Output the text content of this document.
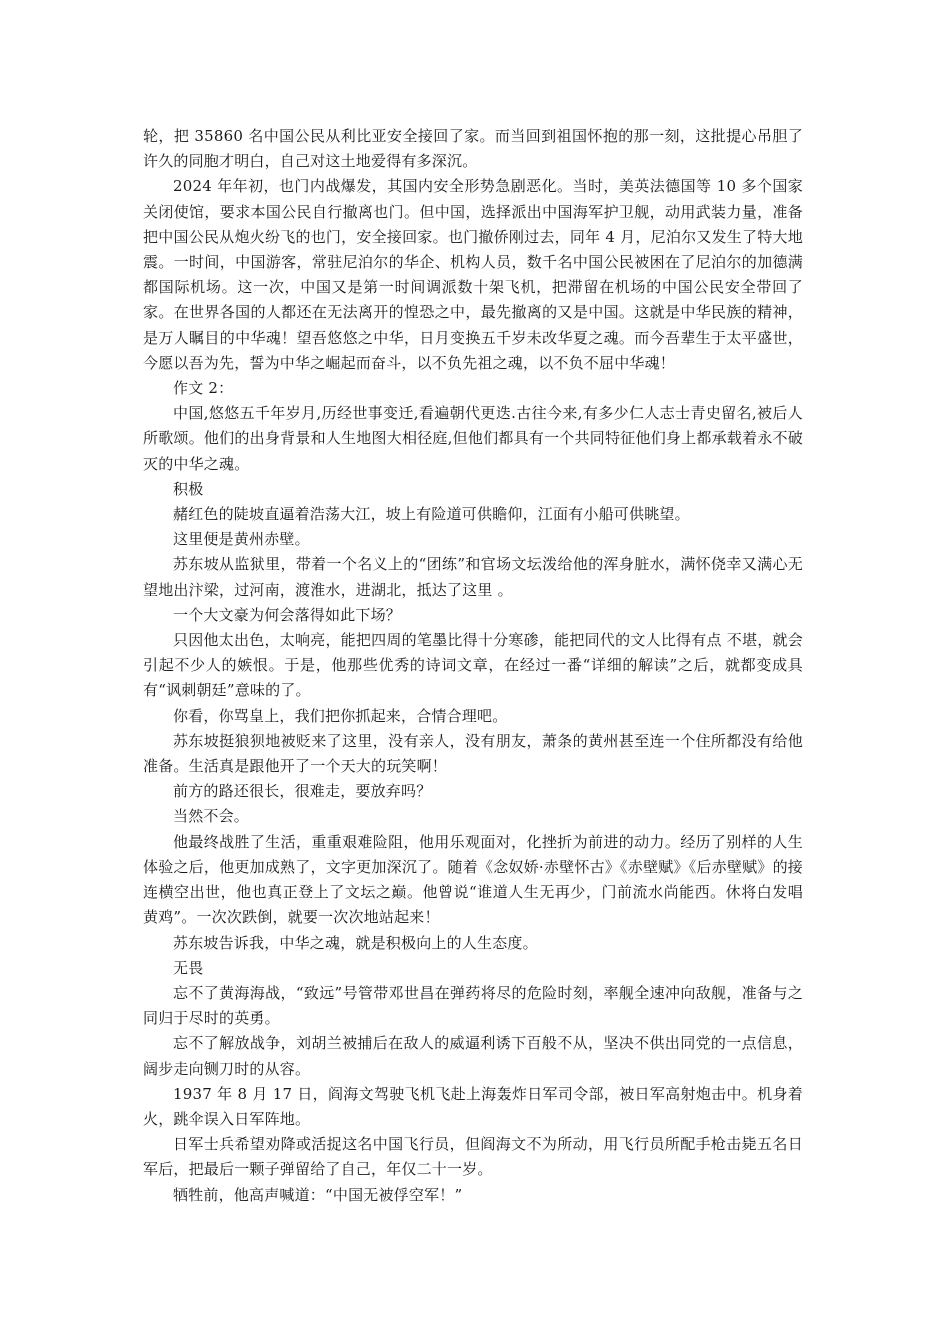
轮，把 35860 名中国公民从利比亚安全接回了家。而当回到祖国怀抱的那一刻，这批提心吊胆了许久的同胞才明白，自己对这土地爱得有多深沉。

2024 年年初，也门内战爆发，其国内安全形势急剧恶化。当时，美英法德国等 10 多个国家关闭使馆，要求本国公民自行撤离也门。但中国，选择派出中国海军护卫舰，动用武装力量，准备把中国公民从炮火纷飞的也门，安全接回家。也门撤侨刚过去，同年 4 月，尼泊尔又发生了特大地震。一时间，中国游客，常驻尼泊尔的华企、机构人员，数千名中国公民被困在了尼泊尔的加德满都国际机场。这一次，中国又是第一时间调派数十架飞机，把滞留在机场的中国公民安全带回了家。在世界各国的人都还在无法离开的惶恐之中，最先撤离的又是中国。这就是中华民族的精神，是万人瞩目的中华魂！望吾悠悠之中华，日月变换五千岁未改华夏之魂。而今吾辈生于太平盛世，今愿以吾为先，誓为中华之崛起而奋斗，以不负先祖之魂，以不负不屈中华魂！

作文 2：

中国,悠悠五千年岁月,历经世事变迁,看遍朝代更迭.古往今来,有多少仁人志士青史留名,被后人所歌颂。他们的出身背景和人生地图大相径庭,但他们都具有一个共同特征他们身上都承载着永不破灭的中华之魂。

积极

赭红色的陡坡直逼着浩荡大江，坡上有险道可供瞻仰，江面有小船可供眺望。

这里便是黄州赤壁。

苏东坡从监狱里，带着一个名义上的“团练”和官场文坛泼给他的浑身脏水，满怀侥幸又满心无望地出汴梁，过河南，渡淮水，进湖北，抵达了这里 。

一个大文豪为何会落得如此下场？

只因他太出色，太响亮，能把四周的笔墨比得十分寒碜，能把同代的文人比得有点 不堪，就会引起不少人的嫉恨。于是，他那些优秀的诗词文章，在经过一番“详细的解读”之后，就都变成具有“讽刺朝廷”意味的了。

你看，你骂皇上，我们把你抓起来，合情合理吧。

苏东坡挺狼狈地被贬来了这里，没有亲人，没有朋友，萧条的黄州甚至连一个住所都没有给他准备。生活真是跟他开了一个天大的玩笑啊！

前方的路还很长，很难走，要放弃吗？

当然不会。

他最终战胜了生活，重重艰难险阻，他用乐观面对，化挫折为前进的动力。经历了别样的人生体验之后，他更加成熟了，文字更加深沉了。随着《念奴娇·赤壁怀古》《赤壁赋》《后赤壁赋》的接连横空出世，他也真正登上了文坛之巅。他曾说“谁道人生无再少，门前流水尚能西。休将白发唱黄鸡”。一次次跌倒，就要一次次地站起来！

苏东坡告诉我，中华之魂，就是积极向上的人生态度。

无畏

忘不了黄海海战，“致远”号管带邓世昌在弹药将尽的危险时刻，率舰全速冲向敌舰，准备与之同归于尽时的英勇。

忘不了解放战争，刘胡兰被捕后在敌人的威逼利诱下百般不从，坚决不供出同党的一点信息，阔步走向铡刀时的从容。

1937 年 8 月 17 日，阎海文驾驶飞机飞赴上海轰炸日军司令部，被日军高射炮击中。机身着火，跳伞误入日军阵地。

日军士兵希望劝降或活捉这名中国飞行员，但阎海文不为所动，用飞行员所配手枪击毙五名日军后，把最后一颗子弹留给了自己，年仅二十一岁。

牺牲前，他高声喊道：“中国无被俘空军！”
